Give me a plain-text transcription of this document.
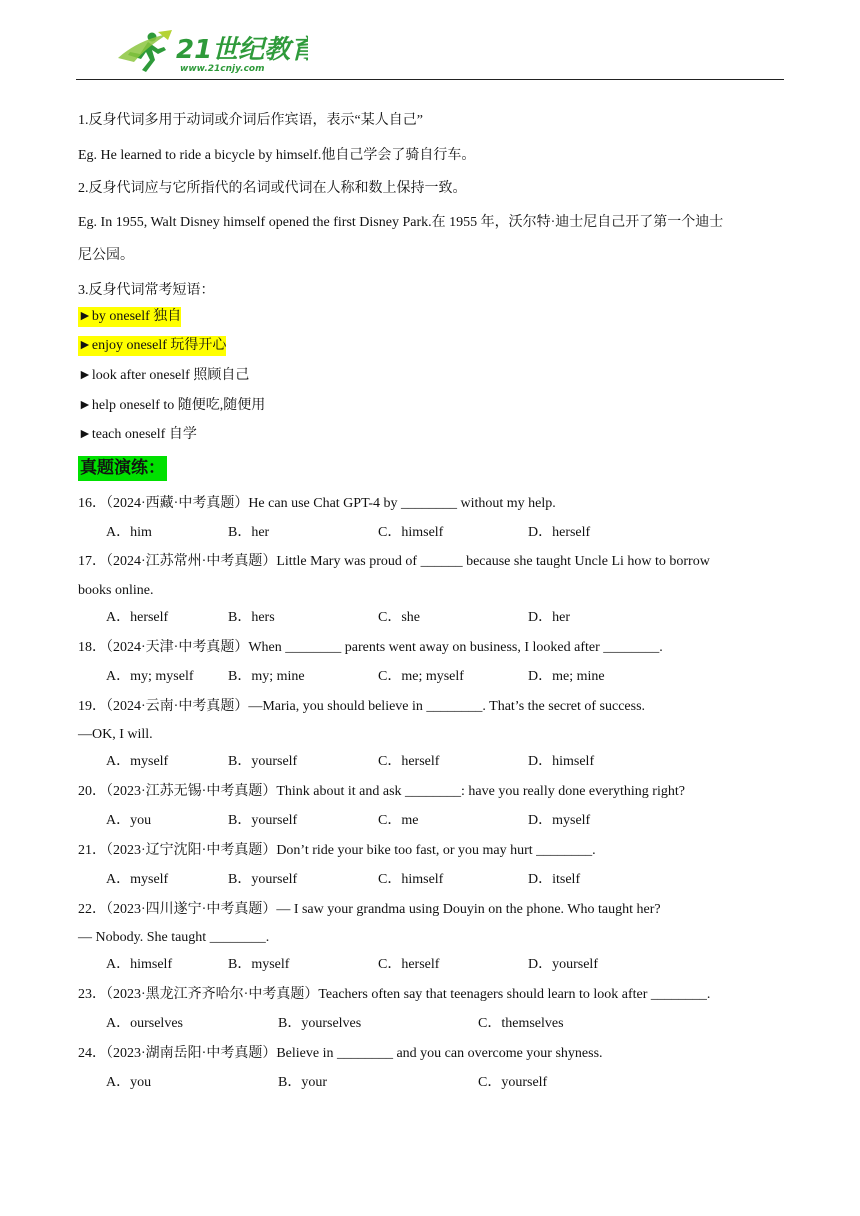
21世纪教育
www.21cnjy.com
1.反身代词多用于动词或介词后作宾语，表示“某人自己”
Eg. He learned to ride a bicycle by himself.他自己学会了骑自行车。
2.反身代词应与它所指代的名词或代词在人称和数上保持一致。
Eg. In 1955, Walt Disney himself opened the first Disney Park.在 1955 年，沃尔特·迪士尼自己开了第一个迪士
尼公园。
3.反身代词常考短语：
►by oneself 独自
►enjoy oneself 玩得开心
►look after oneself 照顾自己
►help oneself to 随便吃,随便用
►teach oneself 自学
真题演练：
16．（2024·西藏·中考真题）He can use Chat GPT-4 by ________ without my help.
A．him	B．her	C．himself	D．herself
17．（2024·江苏常州·中考真题）Little Mary was proud of ______ because she taught Uncle Li how to borrow
books online.
A．herself	B．hers	C．she	D．her
18．（2024·天津·中考真题）When ________ parents went away on business, I looked after ________.
A．my; myself B．my; mine	C．me; myself	D．me; mine
19．（2024·云南·中考真题）—Maria, you should believe in ________. That’s the secret of success.
—OK, I will.
A．myself	B．yourself	C．herself	D．himself
20．（2023·江苏无锡·中考真题）Think about it and ask ________: have you really done everything right?
A．you	B．yourself	C．me	D．myself
21．（2023·辽宁沈阳·中考真题）Don’t ride your bike too fast, or you may hurt ________.
A．myself	B．yourself	C．himself	D．itself
22．（2023·四川遂宁·中考真题）— I saw your grandma using Douyin on the phone. Who taught her?
— Nobody. She taught ________.
A．himself	B．myself	C．herself	D．yourself
23．（2023·黑龙江齐齐哈尔·中考真题）Teachers often say that teenagers should learn to look after ________.
A．ourselves	B．yourselves	C．themselves
24．（2023·湖南岳阳·中考真题）Believe in ________ and you can overcome your shyness.
A．you	B．your	C．yourself
